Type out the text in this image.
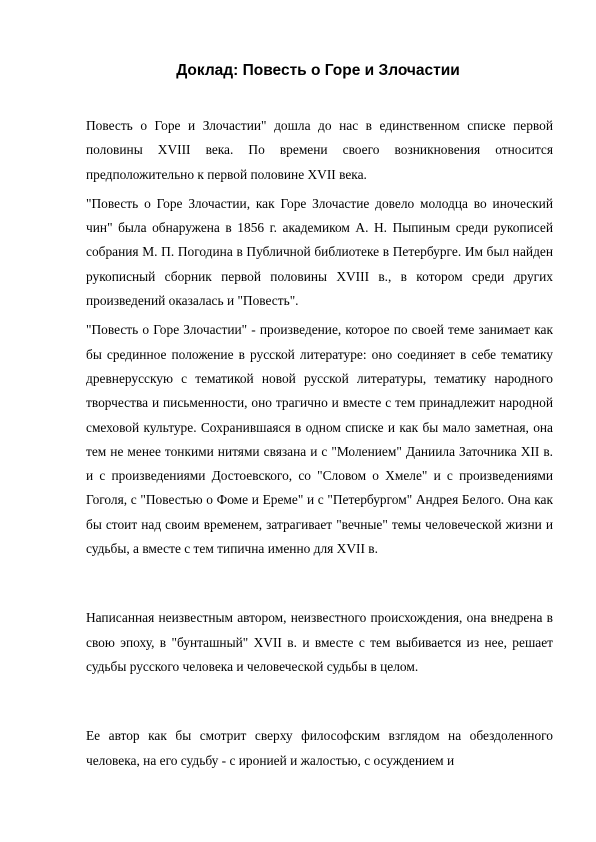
Доклад: Повесть о Горе и Злочастии

Повесть о Горе и Злочастии" дошла до нас в единственном списке первой половины XVIII века. По времени своего возникновения относится предположительно к первой половине XVII века.

"Повесть о Горе Злочастии, как Горе Злочастие довело молодца во иноческий чин" была обнаружена в 1856 г. академиком А. Н. Пыпиным среди рукописей собрания М. П. Погодина в Публичной библиотеке в Петербурге. Им был найден рукописный сборник первой половины XVIII в., в котором среди других произведений оказалась и "Повесть".

"Повесть о Горе Злочастии" - произведение, которое по своей теме занимает как бы срединное положение в русской литературе: оно соединяет в себе тематику древнерусскую с тематикой новой русской литературы, тематику народного творчества и письменности, оно трагично и вместе с тем принадлежит народной смеховой культуре. Сохранившаяся в одном списке и как бы мало заметная, она тем не менее тонкими нитями связана и с "Молением" Даниила Заточника XII в. и с произведениями Достоевского, со "Словом о Хмеле" и с произведениями Гоголя, с "Повестью о Фоме и Ереме" и с "Петербургом" Андрея Белого. Она как бы стоит над своим временем, затрагивает "вечные" темы человеческой жизни и судьбы, а вместе с тем типична именно для XVII в.

Написанная неизвестным автором, неизвестного происхождения, она внедрена в свою эпоху, в "бунташный" XVII в. и вместе с тем выбивается из нее, решает судьбы русского человека и человеческой судьбы в целом.

Ее автор как бы смотрит сверху философским взглядом на обездоленного человека, на его судьбу - с иронией и жалостью, с осуждением и
